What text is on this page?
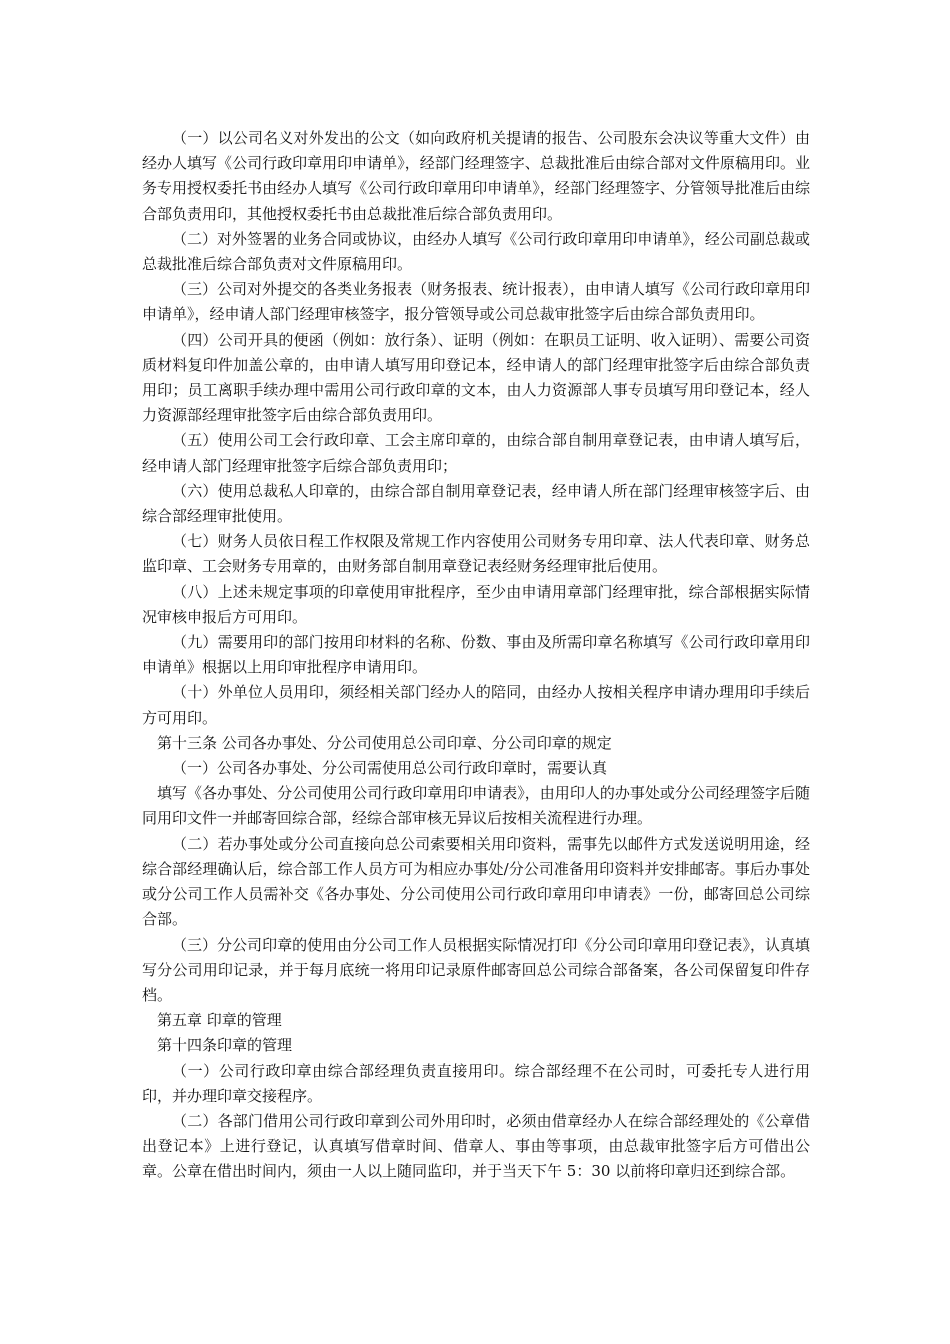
（一）以公司名义对外发出的公文（如向政府机关提请的报告、公司股东会决议等重大文件）由经办人填写《公司行政印章用印申请单》，经部门经理签字、总裁批准后由综合部对文件原稿用印。业务专用授权委托书由经办人填写《公司行政印章用印申请单》，经部门经理签字、分管领导批准后由综合部负责用印，其他授权委托书由总裁批准后综合部负责用印。

（二）对外签署的业务合同或协议，由经办人填写《公司行政印章用印申请单》，经公司副总裁或总裁批准后综合部负责对文件原稿用印。

（三）公司对外提交的各类业务报表（财务报表、统计报表），由申请人填写《公司行政印章用印申请单》，经申请人部门经理审核签字，报分管领导或公司总裁审批签字后由综合部负责用印。

（四）公司开具的便函（例如：放行条）、证明（例如：在职员工证明、收入证明）、需要公司资质材料复印件加盖公章的，由申请人填写用印登记本，经申请人的部门经理审批签字后由综合部负责用印；员工离职手续办理中需用公司行政印章的文本，由人力资源部人事专员填写用印登记本，经人力资源部经理审批签字后由综合部负责用印。

（五）使用公司工会行政印章、工会主席印章的，由综合部自制用章登记表，由申请人填写后，经申请人部门经理审批签字后综合部负责用印；

（六）使用总裁私人印章的，由综合部自制用章登记表，经申请人所在部门经理审核签字后、由综合部经理审批使用。

（七）财务人员依日程工作权限及常规工作内容使用公司财务专用印章、法人代表印章、财务总监印章、工会财务专用章的，由财务部自制用章登记表经财务经理审批后使用。

（八）上述未规定事项的印章使用审批程序，至少由申请用章部门经理审批，综合部根据实际情况审核申报后方可用印。

（九）需要用印的部门按用印材料的名称、份数、事由及所需印章名称填写《公司行政印章用印申请单》根据以上用印审批程序申请用印。

（十）外单位人员用印，须经相关部门经办人的陪同，由经办人按相关程序申请办理用印手续后方可用印。

第十三条 公司各办事处、分公司使用总公司印章、分公司印章的规定

（一）公司各办事处、分公司需使用总公司行政印章时，需要认真

填写《各办事处、分公司使用公司行政印章用印申请表》，由用印人的办事处或分公司经理签字后随同用印文件一并邮寄回综合部，经综合部审核无异议后按相关流程进行办理。

（二）若办事处或分公司直接向总公司索要相关用印资料，需事先以邮件方式发送说明用途，经综合部经理确认后，综合部工作人员方可为相应办事处/分公司准备用印资料并安排邮寄。事后办事处或分公司工作人员需补交《各办事处、分公司使用公司行政印章用印申请表》一份，邮寄回总公司综合部。

（三）分公司印章的使用由分公司工作人员根据实际情况打印《分公司印章用印登记表》，认真填写分公司用印记录，并于每月底统一将用印记录原件邮寄回总公司综合部备案，各公司保留复印件存档。

第五章 印章的管理

第十四条印章的管理

（一）公司行政印章由综合部经理负责直接用印。综合部经理不在公司时，可委托专人进行用印，并办理印章交接程序。

（二）各部门借用公司行政印章到公司外用印时，必须由借章经办人在综合部经理处的《公章借出登记本》上进行登记，认真填写借章时间、借章人、事由等事项，由总裁审批签字后方可借出公章。公章在借出时间内，须由一人以上随同监印，并于当天下午 5：30 以前将印章归还到综合部。
